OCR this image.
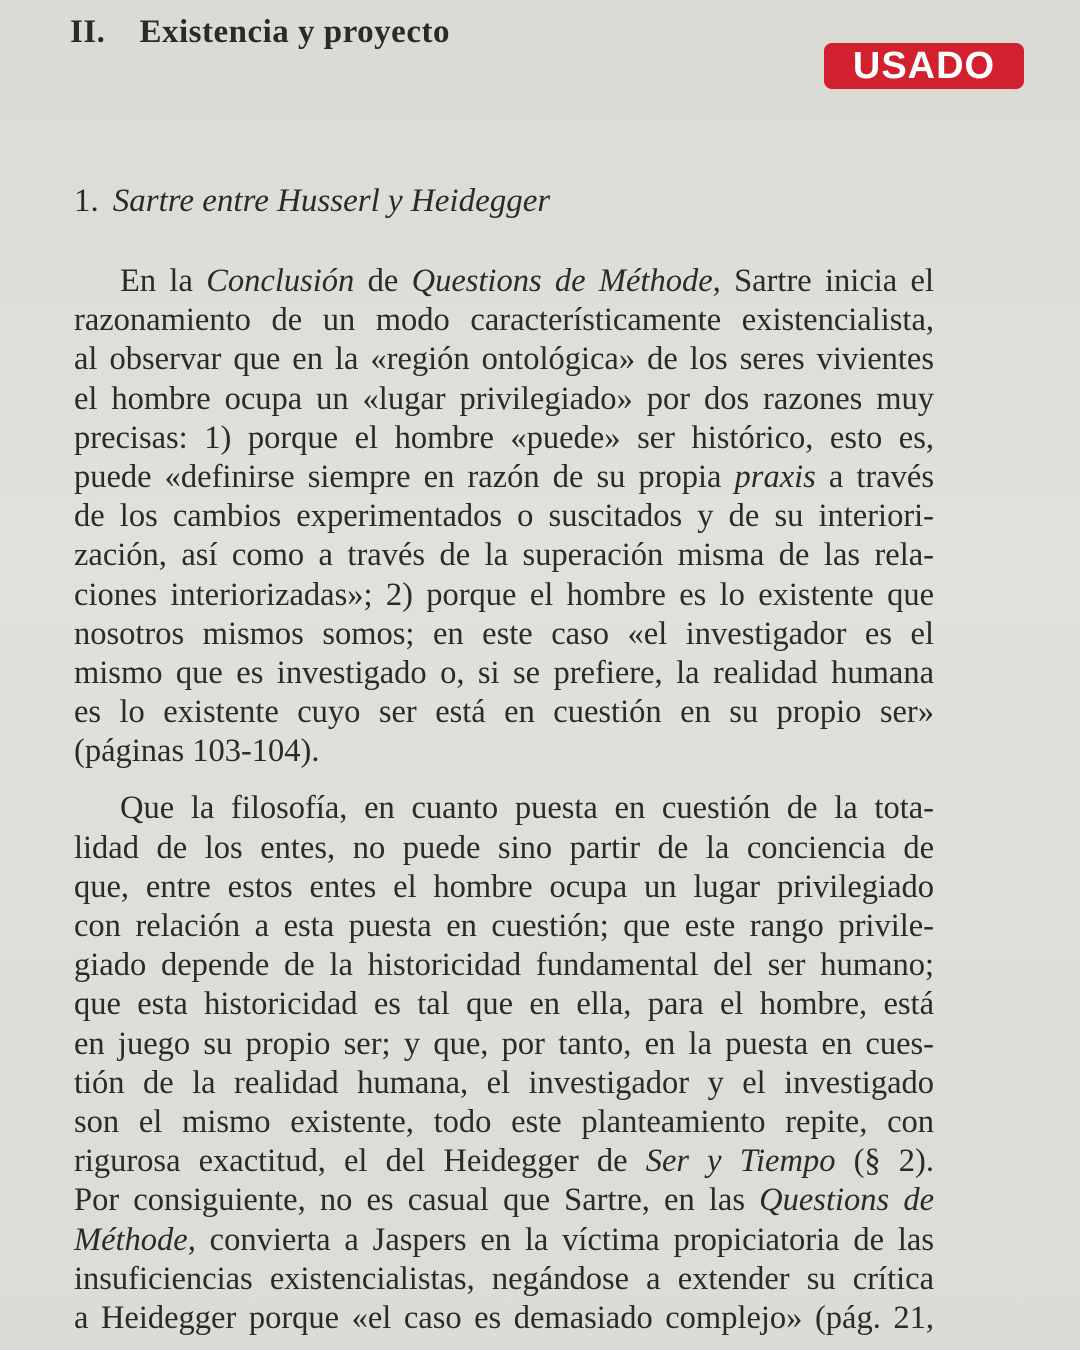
II. Existencia y proyecto
USADO
1. Sartre entre Husserl y Heidegger
En la Conclusión de Questions de Méthode, Sartre inicia el
razonamiento de un modo característicamente existencialista,
al observar que en la «región ontológica» de los seres vivientes
el hombre ocupa un «lugar privilegiado» por dos razones muy
precisas: 1) porque el hombre «puede» ser histórico, esto es,
puede «definirse siempre en razón de su propia praxis a través
de los cambios experimentados o suscitados y de su interiori-
zación, así como a través de la superación misma de las rela-
ciones interiorizadas»; 2) porque el hombre es lo existente que
nosotros mismos somos; en este caso «el investigador es el
mismo que es investigado o, si se prefiere, la realidad humana
es lo existente cuyo ser está en cuestión en su propio ser»
(páginas 103-104).
Que la filosofía, en cuanto puesta en cuestión de la tota-
lidad de los entes, no puede sino partir de la conciencia de
que, entre estos entes el hombre ocupa un lugar privilegiado
con relación a esta puesta en cuestión; que este rango privile-
giado depende de la historicidad fundamental del ser humano;
que esta historicidad es tal que en ella, para el hombre, está
en juego su propio ser; y que, por tanto, en la puesta en cues-
tión de la realidad humana, el investigador y el investigado
son el mismo existente, todo este planteamiento repite, con
rigurosa exactitud, el del Heidegger de Ser y Tiempo (§ 2).
Por consiguiente, no es casual que Sartre, en las Questions de
Méthode, convierta a Jaspers en la víctima propiciatoria de las
insuficiencias existencialistas, negándose a extender su crítica
a Heidegger porque «el caso es demasiado complejo» (pág. 21,
